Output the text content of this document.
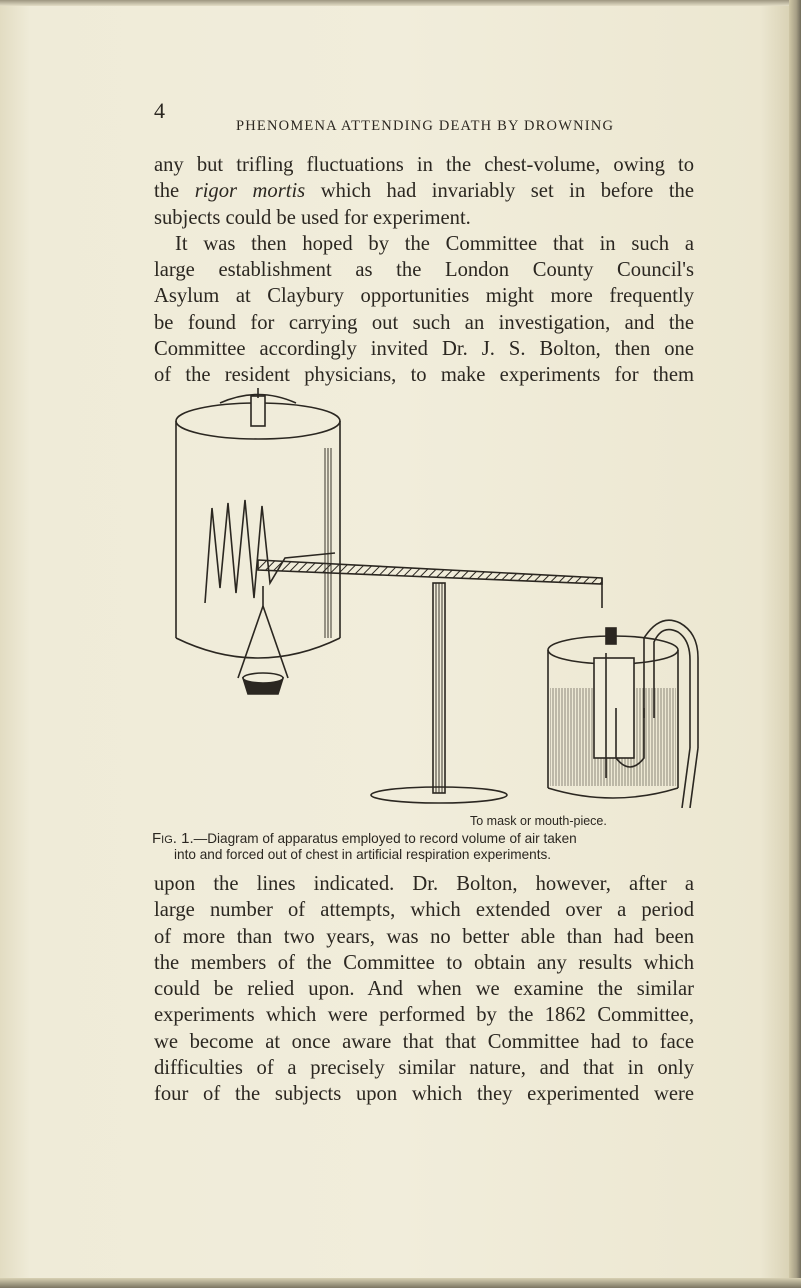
4
PHENOMENA ATTENDING DEATH BY DROWNING
any but trifling fluctuations in the chest-volume, owing to
the rigor mortis which had invariably set in before the
subjects could be used for experiment.
It was then hoped by the Committee that in such a
large establishment as the London County Council's
Asylum at Claybury opportunities might more frequently
be found for carrying out such an investigation, and the
Committee accordingly invited Dr. J. S. Bolton, then one
of the resident physicians, to make experiments for them
To mask or mouth-piece.
Fig. 1.—Diagram of apparatus employed to record volume of air taken
into and forced out of chest in artificial respiration experiments.
upon the lines indicated. Dr. Bolton, however, after a
large number of attempts, which extended over a period
of more than two years, was no better able than had been
the members of the Committee to obtain any results which
could be relied upon. And when we examine the similar
experiments which were performed by the 1862 Committee,
we become at once aware that that Committee had to face
difficulties of a precisely similar nature, and that in only
four of the subjects upon which they experimented were
